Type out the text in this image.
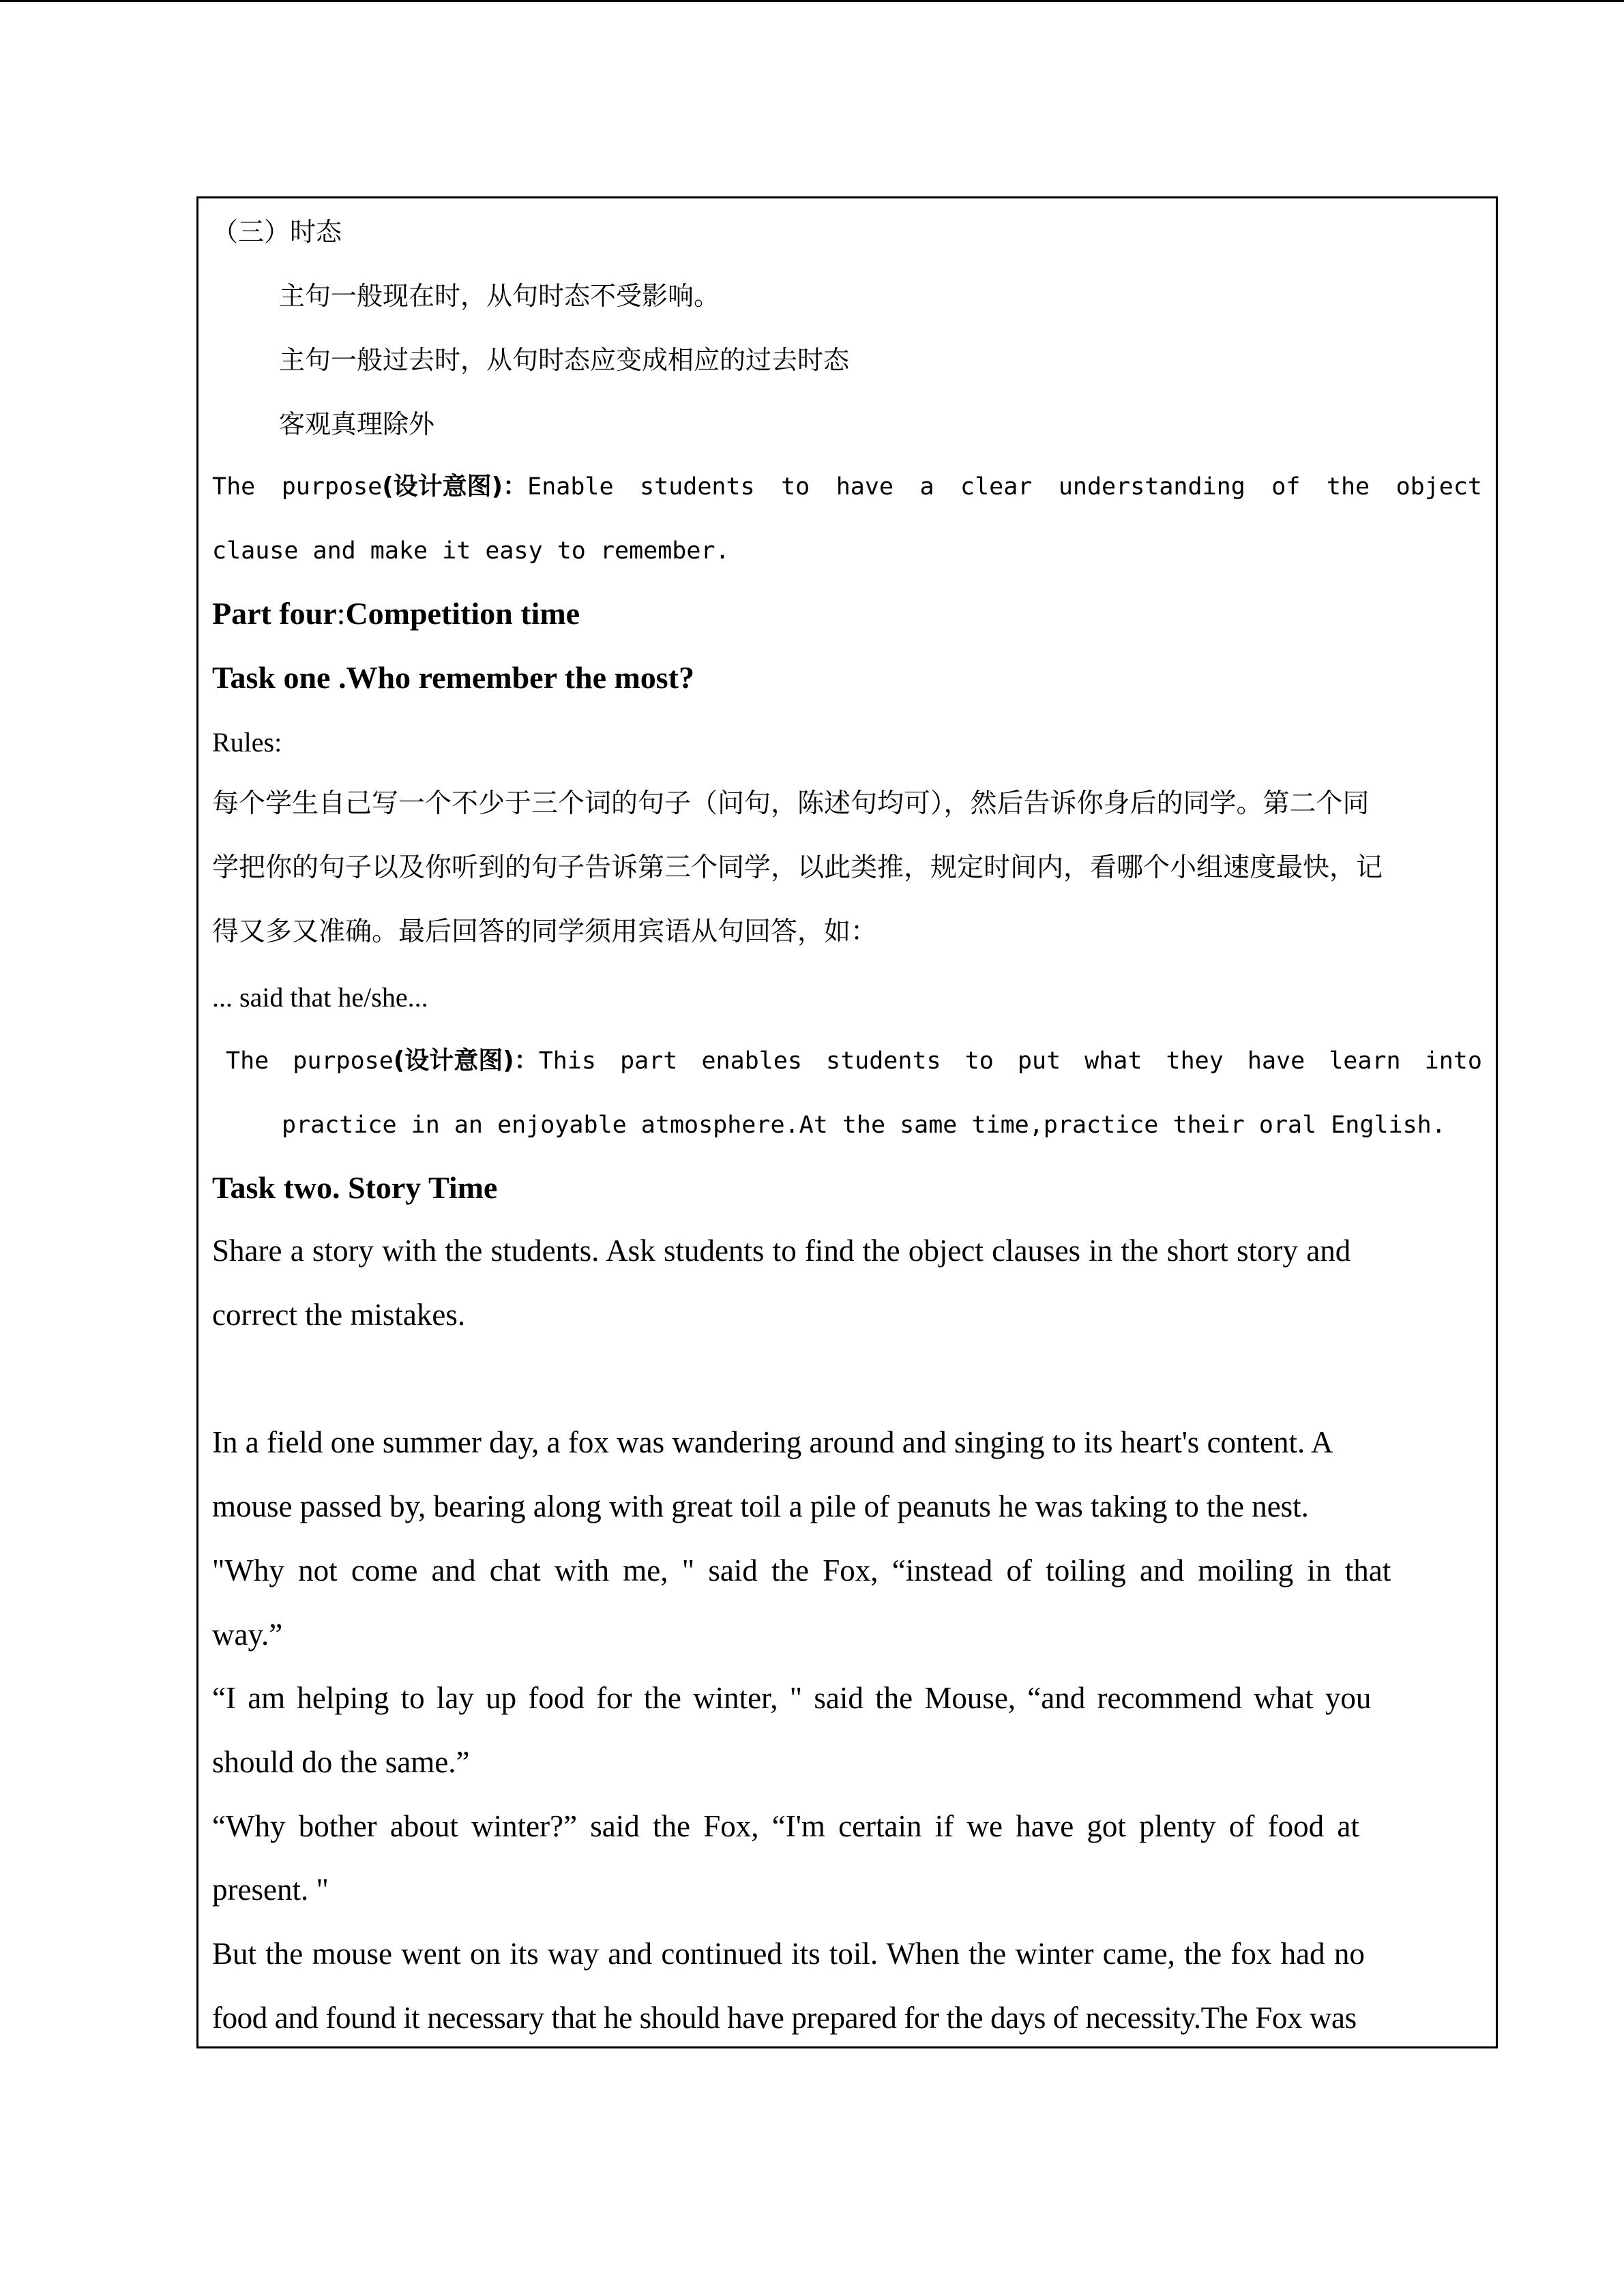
（三）时态
主句一般现在时，从句时态不受影响。
主句一般过去时，从句时态应变成相应的过去时态
客观真理除外
The purpose(设计意图)：Enable students to have a clear understanding of the object
clause and make it easy to remember.
Part four:Competition time
Task one .Who remember the most?
Rules:
每个学生自己写一个不少于三个词的句子（问句，陈述句均可），然后告诉你身后的同学。第二个同
学把你的句子以及你听到的句子告诉第三个同学，以此类推，规定时间内，看哪个小组速度最快，记
得又多又准确。最后回答的同学须用宾语从句回答，如：
... said that he/she...
The purpose(设计意图)：This part enables students to put what they have learn into
practice in an enjoyable atmosphere.At the same time,practice their oral English.
Task two. Story Time
Share a story with the students. Ask students to find the object clauses in the short story and
correct the mistakes.
In a field one summer day, a fox was wandering around and singing to its heart's content. A
mouse passed by, bearing along with great toil a pile of peanuts he was taking to the nest.
"Why not come and chat with me, " said the Fox, “instead of toiling and moiling in that
way.”
“I am helping to lay up food for the winter, " said the Mouse, “and recommend what you
should do the same.”
“Why bother about winter?” said the Fox, “I'm certain if we have got plenty of food at
present. "
But the mouse went on its way and continued its toil. When the winter came, the fox had no
food and found it necessary that he should have prepared for the days of necessity.The Fox was
